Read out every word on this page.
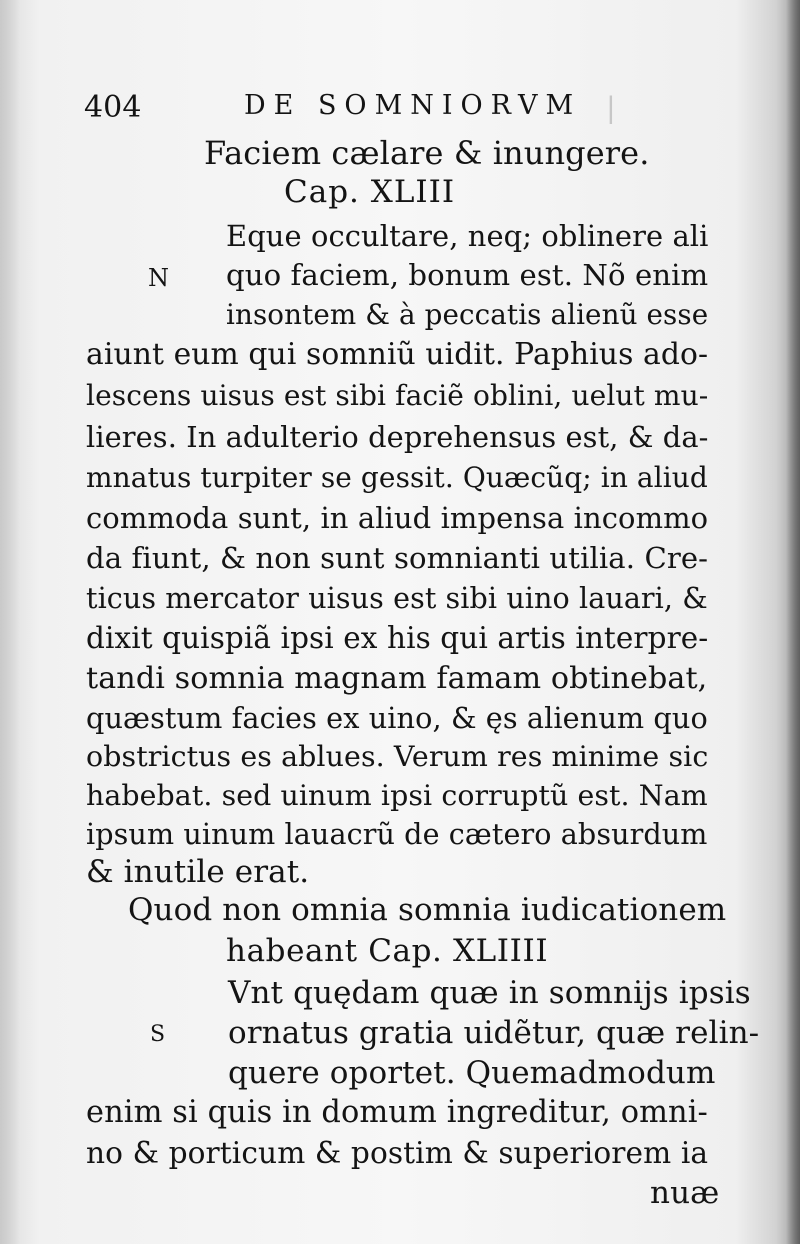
▏
404	DE SOMNIORVM
Faciem cælare & inungere.
Cap. XLIII
N
Eque occultare, neq; oblinere ali
quo faciem, bonum est. Nõ enim
insontem & à peccatis alienũ esse
aiunt eum qui somniũ uidit. Paphius ado-
lescens uisus est sibi faciẽ oblini, uelut mu-
lieres. In adulterio deprehensus est, & da-
mnatus turpiter se gessit. Quæcũq; in aliud
commoda sunt, in aliud impensa incommo
da fiunt, & non sunt somnianti utilia. Cre-
ticus mercator uisus est sibi uino lauari, &
dixit quispiã ipsi ex his qui artis interpre-
tandi somnia magnam famam obtinebat,
quæstum facies ex uino, & ęs alienum quo
obstrictus es ablues. Verum res minime sic
habebat. sed uinum ipsi corruptũ est. Nam
ipsum uinum lauacrũ de cætero absurdum
& inutile erat.
Quod non omnia somnia iudicationem
habeant Cap. XLIIII
S
Vnt quędam quæ in somnijs ipsis
ornatus gratia uidẽtur, quæ relin-
quere oportet. Quemadmodum
enim si quis in domum ingreditur, omni-
no & porticum & postim & superiorem ia
nuæ
